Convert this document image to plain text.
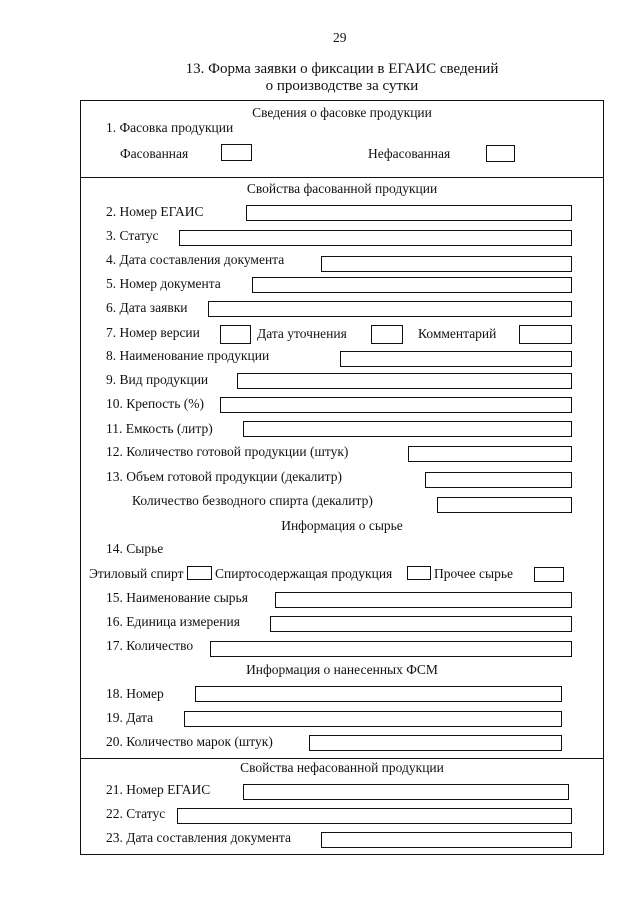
29
13. Форма заявки о фиксации в ЕГАИС сведений
о производстве за сутки
Сведения о фасовке продукции
1. Фасовка продукции
Фасованная	Нефасованная
Свойства фасованной продукции
2. Номер ЕГАИС
3. Статус
4. Дата составления документа
5. Номер документа
6. Дата заявки
7. Номер версии	Дата уточнения	Комментарий
8. Наименование продукции
9. Вид продукции
10. Крепость (%)
11. Емкость (литр)
12. Количество готовой продукции (штук)
13. Объем готовой продукции (декалитр)
Количество безводного спирта (декалитр)
Информация о сырье
14. Сырье
Этиловый спирт Спиртосодержащая продукция	Прочее сырье
15. Наименование сырья
16. Единица измерения
17. Количество
Информация о нанесенных ФСМ
18. Номер
19. Дата
20. Количество марок (штук)
Свойства нефасованной продукции
21. Номер ЕГАИС
22. Статус
23. Дата составления документа
